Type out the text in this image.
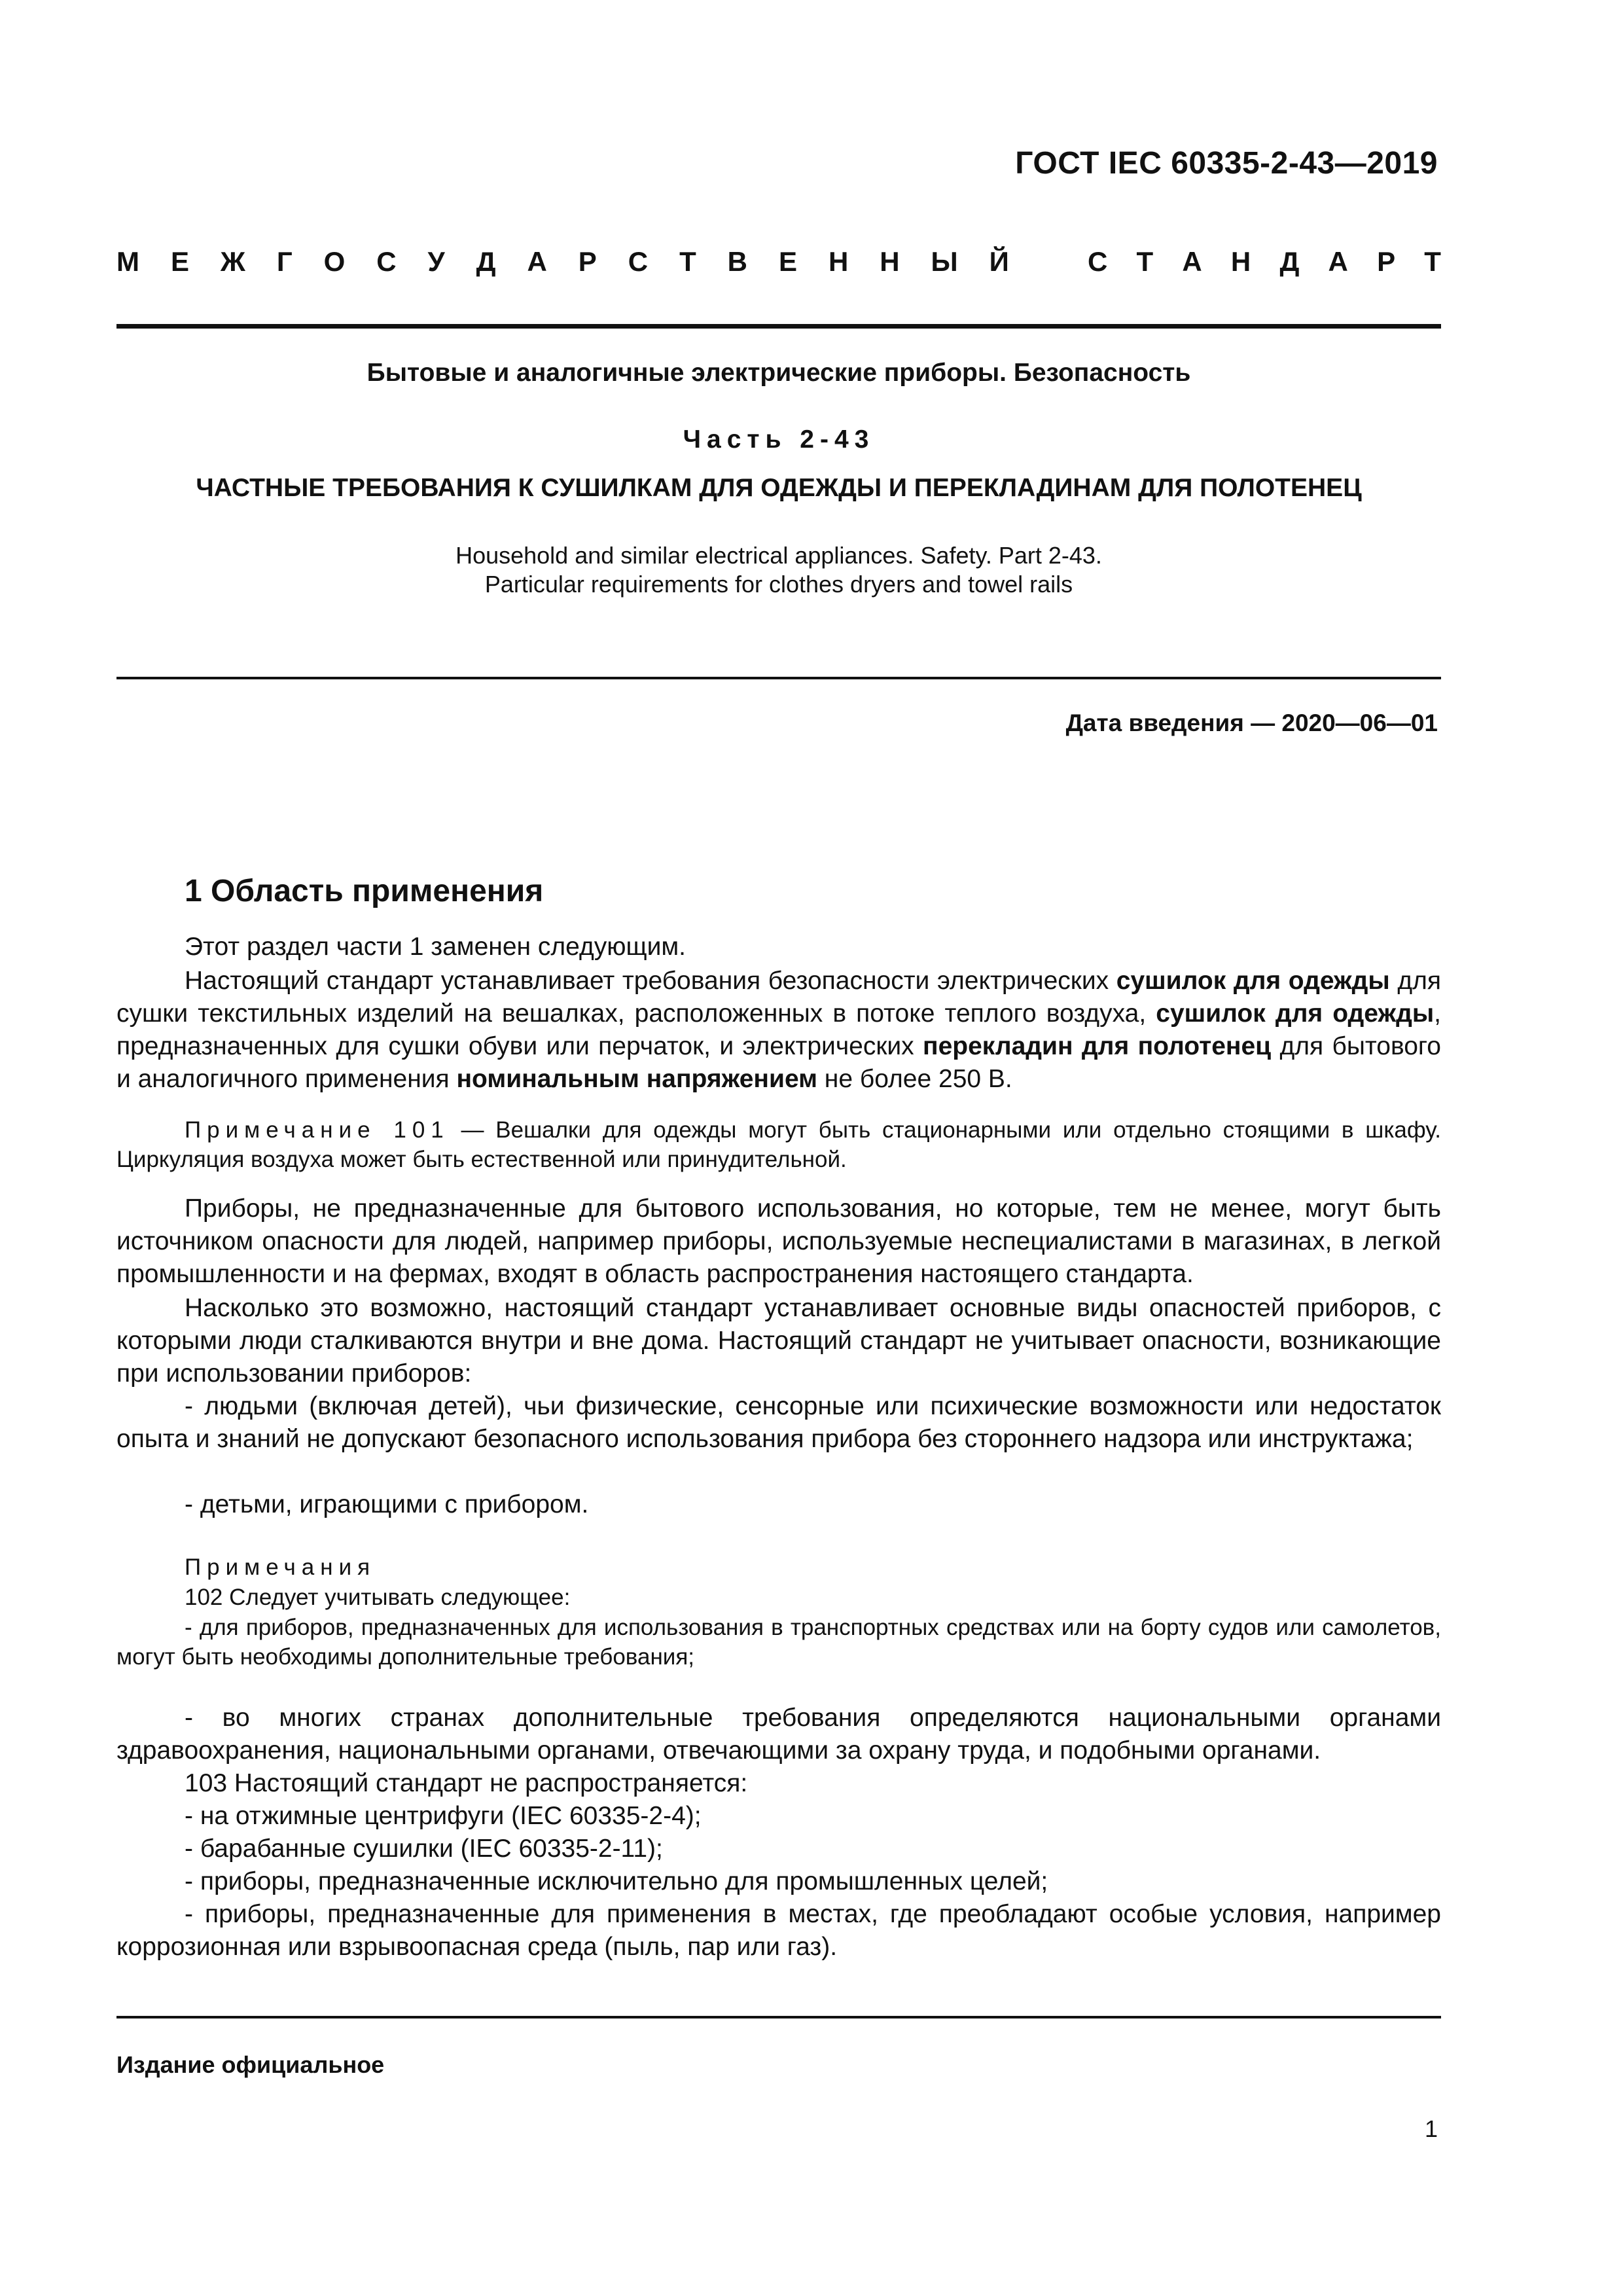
ГОСТ IEC 60335-2-43—2019
М Е Ж Г О С У Д А Р С Т В Е Н Н Ы Й	С Т А Н Д А Р Т
Бытовые и аналогичные электрические приборы. Безопасность
Часть 2-43
ЧАСТНЫЕ ТРЕБОВАНИЯ К СУШИЛКАМ ДЛЯ ОДЕЖДЫ И ПЕРЕКЛАДИНАМ ДЛЯ ПОЛОТЕНЕЦ
Household and similar electrical appliances. Safety. Part 2-43.
Particular requirements for clothes dryers and towel rails
Дата введения — 2020—06—01
1 Область применения
Этот раздел части 1 заменен следующим.
Настоящий стандарт устанавливает требования безопасности электрических сушилок для одежды для сушки текстильных изделий на вешалках, расположенных в потоке теплого воздуха, сушилок для одежды, предназначенных для сушки обуви или перчаток, и электрических перекладин для полотенец для бытового и аналогичного применения номинальным напряжением не более 250 В.
Примечание 101 — Вешалки для одежды могут быть стационарными или отдельно стоящими в шкафу. Циркуляция воздуха может быть естественной или принудительной.
Приборы, не предназначенные для бытового использования, но которые, тем не менее, могут быть источником опасности для людей, например приборы, используемые неспециалистами в магазинах, в легкой промышленности и на фермах, входят в область распространения настоящего стандарта.
Насколько это возможно, настоящий стандарт устанавливает основные виды опасностей приборов, с которыми люди сталкиваются внутри и вне дома. Настоящий стандарт не учитывает опасности, возникающие при использовании приборов:
- людьми (включая детей), чьи физические, сенсорные или психические возможности или недостаток опыта и знаний не допускают безопасного использования прибора без стороннего надзора или инструктажа;
- детьми, играющими с прибором.
Примечания
102 Следует учитывать следующее:
- для приборов, предназначенных для использования в транспортных средствах или на борту судов или самолетов, могут быть необходимы дополнительные требования;
- во многих странах дополнительные требования определяются национальными органами здравоохранения, национальными органами, отвечающими за охрану труда, и подобными органами.
103 Настоящий стандарт не распространяется:
- на отжимные центрифуги (IEC 60335-2-4);
- барабанные сушилки (IEC 60335-2-11);
- приборы, предназначенные исключительно для промышленных целей;
- приборы, предназначенные для применения в местах, где преобладают особые условия, например коррозионная или взрывоопасная среда (пыль, пар или газ).
Издание официальное
1
